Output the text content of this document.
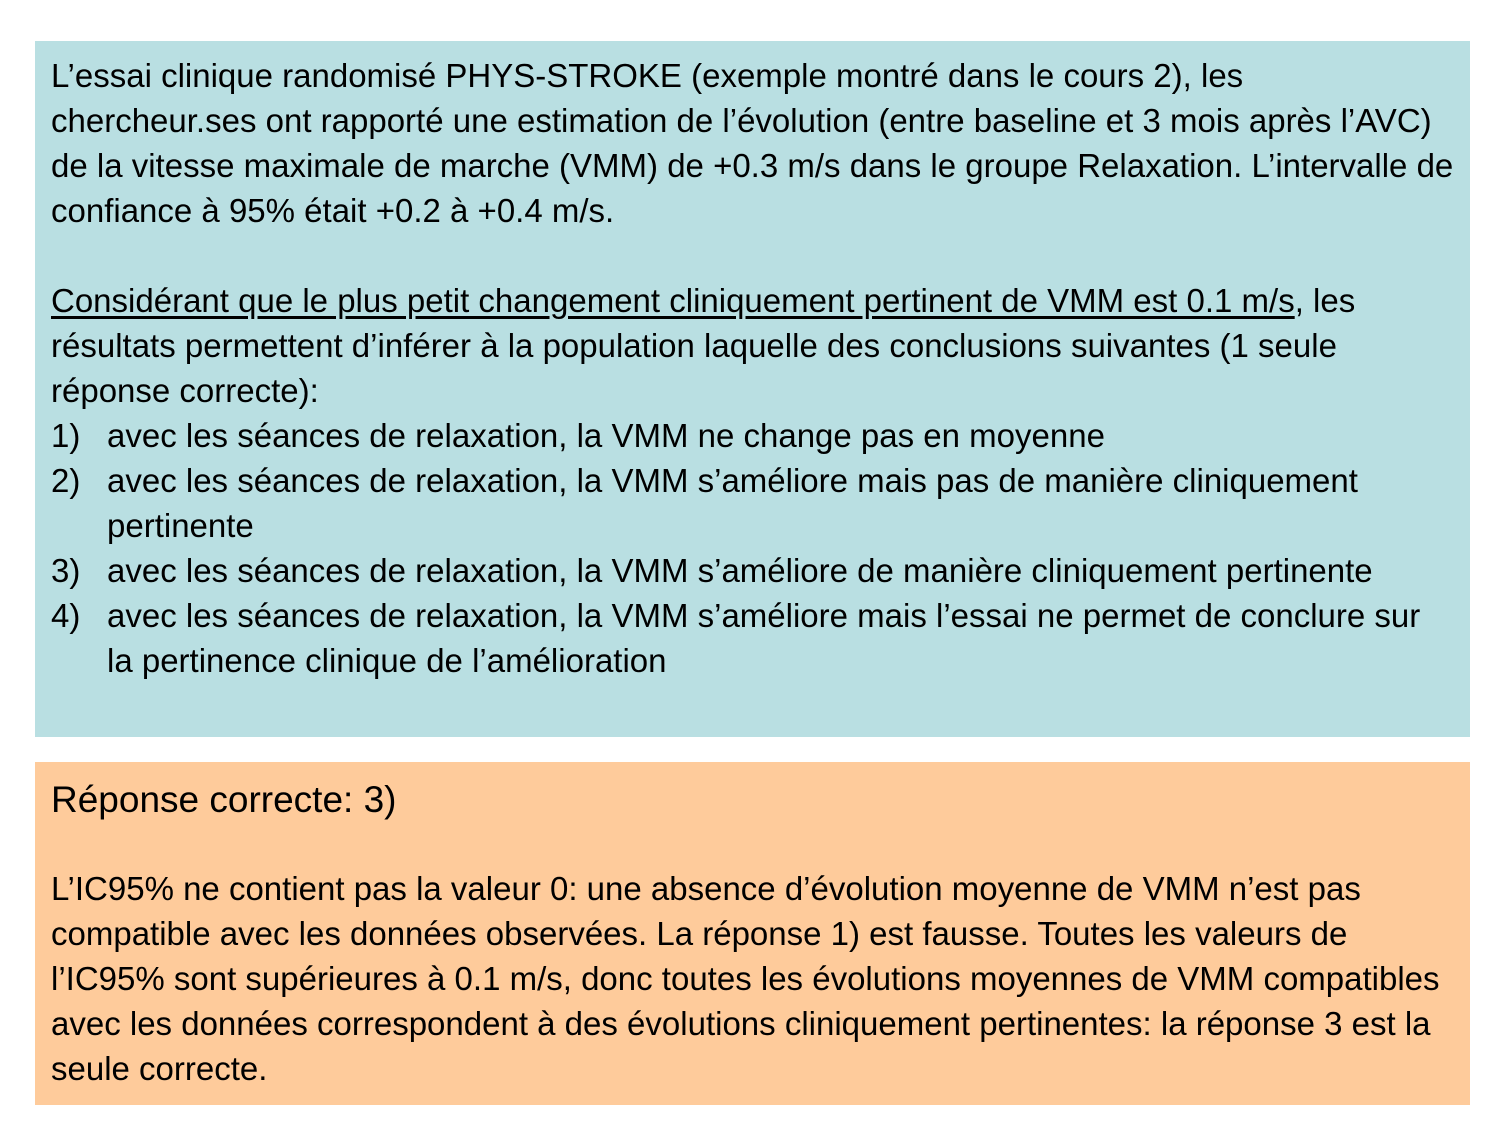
L’essai clinique randomisé PHYS-STROKE (exemple montré dans le cours 2), les chercheur.ses ont rapporté une estimation de l’évolution (entre baseline et 3 mois après l’AVC) de la vitesse maximale de marche (VMM) de +0.3 m/s dans le groupe Relaxation. L’intervalle de confiance à 95% était +0.2 à +0.4 m/s.

Considérant que le plus petit changement cliniquement pertinent de VMM est 0.1 m/s, les résultats permettent d’inférer à la population laquelle des conclusions suivantes (1 seule réponse correcte):

1) avec les séances de relaxation, la VMM ne change pas en moyenne
2) avec les séances de relaxation, la VMM s’améliore mais pas de manière cliniquement pertinente
3) avec les séances de relaxation, la VMM s’améliore de manière cliniquement pertinente
4) avec les séances de relaxation, la VMM s’améliore mais l’essai ne permet de conclure sur la pertinence clinique de l’amélioration

Réponse correcte: 3)

L’IC95% ne contient pas la valeur 0: une absence d’évolution moyenne de VMM n’est pas compatible avec les données observées. La réponse 1) est fausse. Toutes les valeurs de l’IC95% sont supérieures à 0.1 m/s, donc toutes les évolutions moyennes de VMM compatibles avec les données correspondent à des évolutions cliniquement pertinentes: la réponse 3 est la seule correcte.
